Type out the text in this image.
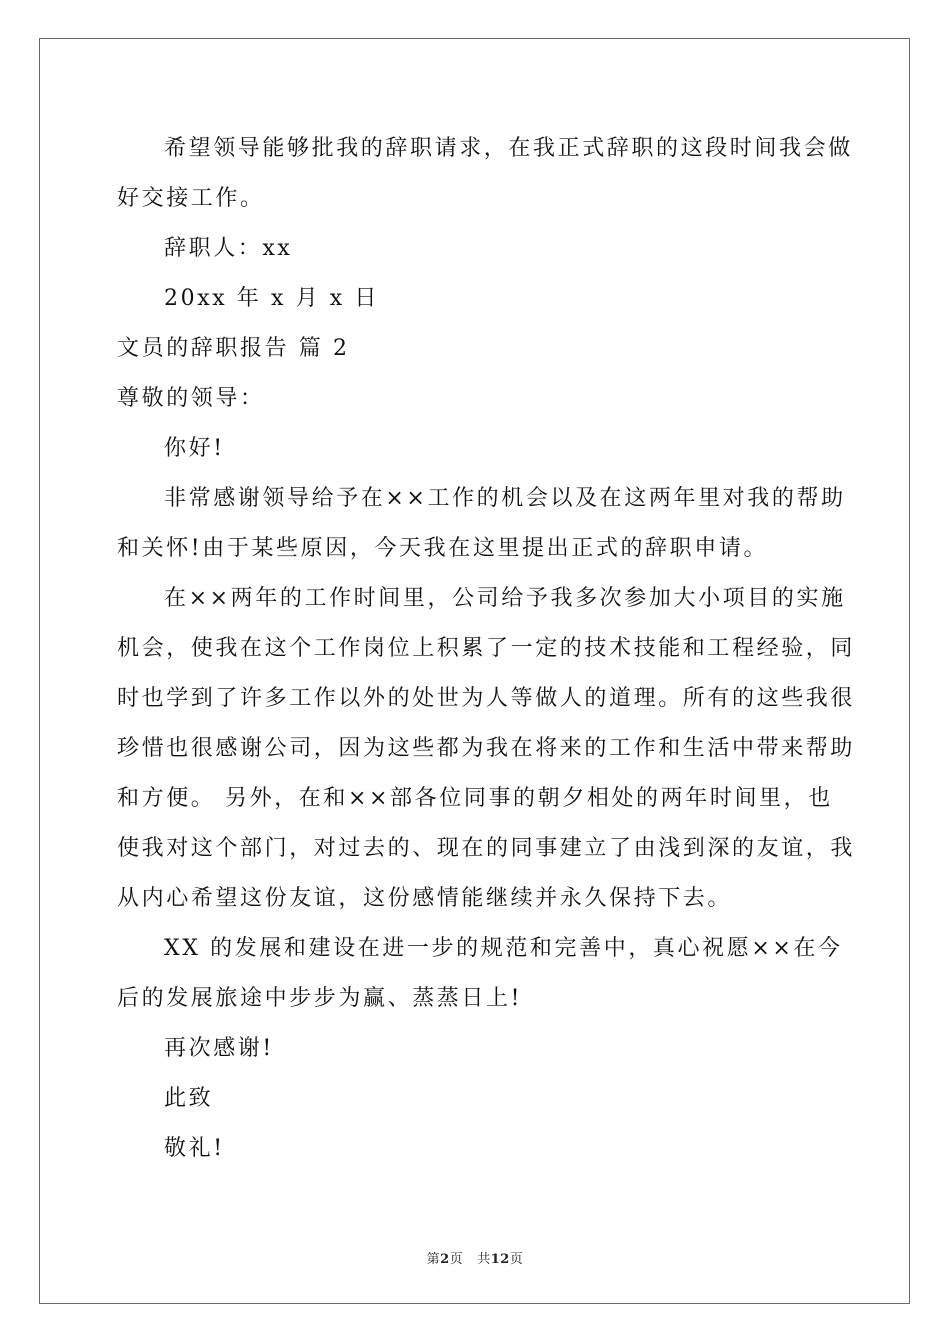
希望领导能够批我的辞职请求，在我正式辞职的这段时间我会做
好交接工作。
辞职人：xx
20xx 年 x 月 x 日
文员的辞职报告 篇 2
尊敬的领导：
你好!
非常感谢领导给予在××工作的机会以及在这两年里对我的帮助
和关怀!由于某些原因，今天我在这里提出正式的辞职申请。
在××两年的工作时间里，公司给予我多次参加大小项目的实施
机会，使我在这个工作岗位上积累了一定的技术技能和工程经验，同
时也学到了许多工作以外的处世为人等做人的道理。所有的这些我很
珍惜也很感谢公司，因为这些都为我在将来的工作和生活中带来帮助
和方便。 另外，在和××部各位同事的朝夕相处的两年时间里，也
使我对这个部门，对过去的、现在的同事建立了由浅到深的友谊，我
从内心希望这份友谊，这份感情能继续并永久保持下去。
XX 的发展和建设在进一步的规范和完善中，真心祝愿××在今
后的发展旅途中步步为赢、蒸蒸日上!
再次感谢!
此致
敬礼!
第2页 共12页
